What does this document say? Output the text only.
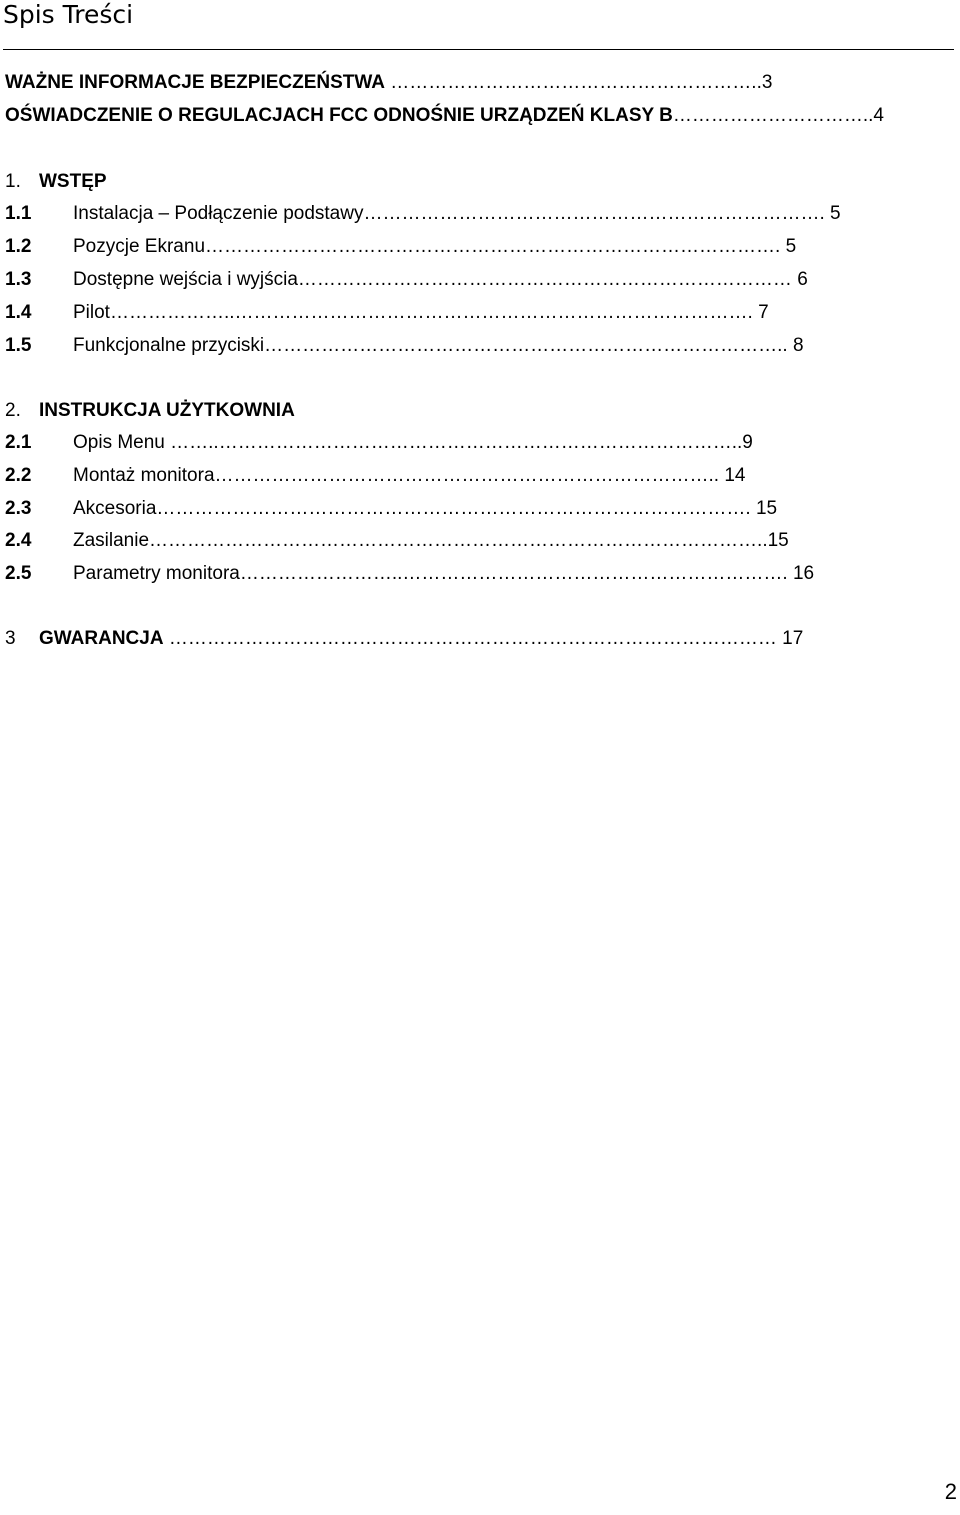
Spis Treści
WAŻNE INFORMACJE BEZPIECZEŃSTWA …………………………………………………..3
OŚWIADCZENIE O REGULACJACH FCC ODNOŚNIE URZĄDZEŃ KLASY B…………………………..4
1. WSTĘP
1.1 Instalacja – Podłączenie podstawy………………………………………………………………. 5
1.2 Pozycje Ekranu………………………………………………………………………………. 5
1.3 Dostępne wejścia i wyjścia…………………………………………………………………… 6
1.4 Pilot………………..………………………………………………………………………. 7
1.5 Funkcjonalne przyciski……………………………………………………………………….. 8
2. INSTRUKCJA UŻYTKOWNIA
2.1 Opis Menu ……..………………………………………………………………………..9
2.2 Montaż monitora…………………………………………………………………….. 14
2.3 Akcesoria…………………………………………………………………………………. 15
2.4 Zasilanie……………………………………………………………………………………..15
2.5 Parametry monitora……………………..……………………………………………………. 16
3 GWARANCJA …………………………………………………………………………………… 17
2
